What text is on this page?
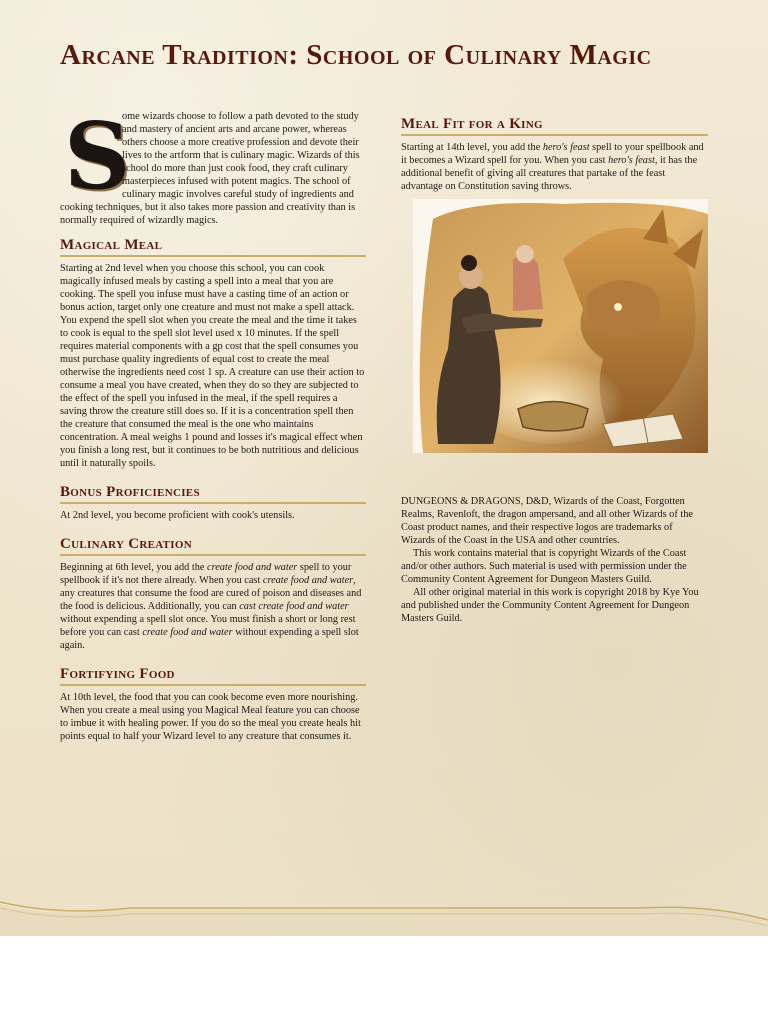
Arcane Tradition: School of Culinary Magic
S

ome wizards choose to follow a path devoted to the study and mastery of ancient arts and arcane power, whereas others choose a more creative profession and devote their lives to the artform that is culinary magic. Wizards of this school do more than just cook food, they craft culinary masterpieces infused with potent magics. The school of culinary magic involves careful study of ingredients and cooking techniques, but it also takes more passion and creativity than is normally required of wizardly magics.

Magical Meal

Starting at 2nd level when you choose this school, you can cook magically infused meals by casting a spell into a meal that you are cooking. The spell you infuse must have a casting time of an action or bonus action, target only one creature and must not make a spell attack. You expend the spell slot when you create the meal and the time it takes to cook is equal to the spell slot level used x 10 minutes. If the spell requires material components with a gp cost that the spell consumes you must purchase quality ingredients of equal cost to create the meal otherwise the ingredients need cost 1 sp. A creature can use their action to consume a meal you have created, when they do so they are subjected to the effect of the spell you infused in the meal, if the spell requires a saving throw the creature still does so. If it is a concentration spell then the creature that consumed the meal is the one who maintains concentration. A meal weighs 1 pound and losses it's magical effect when you finish a long rest, but it continues to be both nutritious and delicious until it naturally spoils.

Bonus Proficiencies

At 2nd level, you become proficient with cook's utensils.

Culinary Creation

Beginning at 6th level, you add the create food and water spell to your spellbook if it's not there already. When you cast create food and water, any creatures that consume the food are cured of poison and diseases and the food is delicious. Additionally, you can cast create food and water without expending a spell slot once. You must finish a short or long rest before you can cast create food and water without expending a spell slot again.

Fortifying Food

At 10th level, the food that you can cook become even more nourishing. When you create a meal using you Magical Meal feature you can choose to imbue it with healing power. If you do so the meal you create heals hit points equal to half your Wizard level to any creature that consumes it.

Meal Fit for a King

Starting at 14th level, you add the hero's feast spell to your spellbook and it becomes a Wizard spell for you. When you cast hero's feast, it has the additional benefit of giving all creatures that partake of the feast advantage on Constitution saving throws.

DUNGEONS & DRAGONS, D&D, Wizards of the Coast, Forgotten Realms, Ravenloft, the dragon ampersand, and all other Wizards of the Coast product names, and their respective logos are trademarks of Wizards of the Coast in the USA and other countries.

This work contains material that is copyright Wizards of the Coast and/or other authors. Such material is used with permission under the Community Content Agreement for Dungeon Masters Guild.

All other original material in this work is copyright 2018 by Kye You and published under the Community Content Agreement for Dungeon Masters Guild.
